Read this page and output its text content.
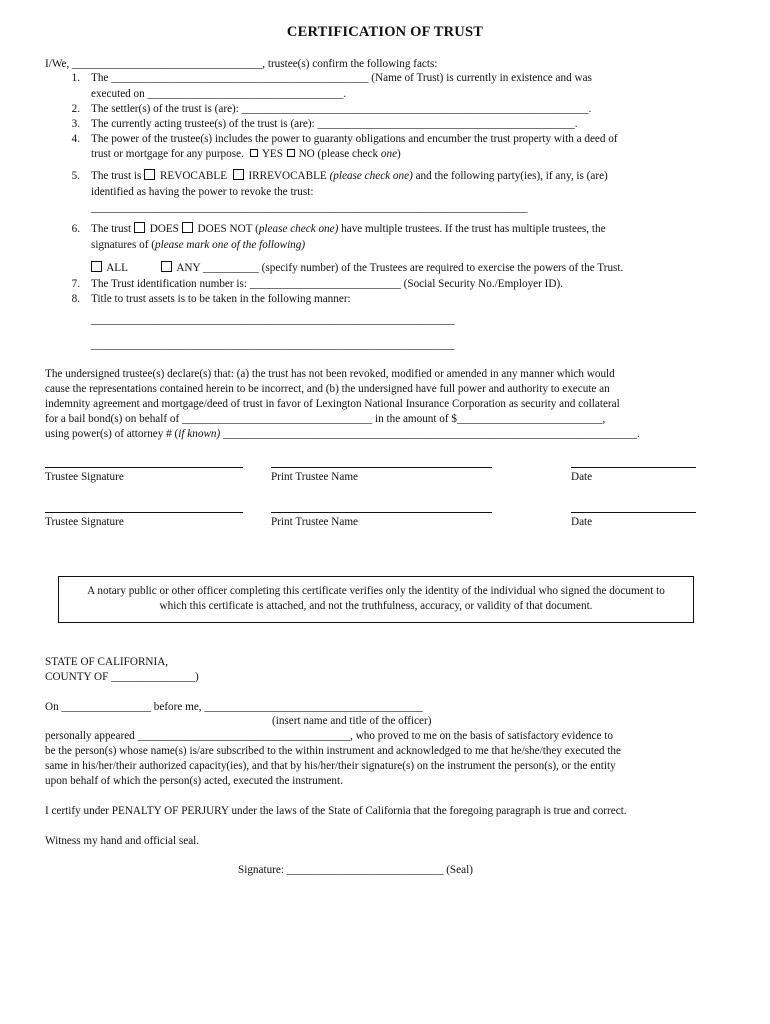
CERTIFICATION OF TRUST
I/We, __________________________________, trustee(s) confirm the following facts:
1. The ______________________________________________ (Name of Trust) is currently in existence and was
executed on ___________________________________.
2. The settler(s) of the trust is (are): ______________________________________________________________.
3. The currently acting trustee(s) of the trust is (are): ______________________________________________.
4. The power of the trustee(s) includes the power to guaranty obligations and encumber the trust property with a deed of
trust or mortgage for any purpose. YES NO (please check one)
5. The trust is REVOCABLE IRREVOCABLE (please check one) and the following party(ies), if any, is (are)
identified as having the power to revoke the trust:
______________________________________________________________________________
6. The trust DOES DOES NOT (please check one) have multiple trustees. If the trust has multiple trustees, the
signatures of (please mark one of the following)
ALL	ANY __________ (specify number) of the Trustees are required to exercise the powers of the Trust.
7. The Trust identification number is: ___________________________ (Social Security No./Employer ID).
8. Title to trust assets is to be taken in the following manner:
_________________________________________________________________
_________________________________________________________________
The undersigned trustee(s) declare(s) that: (a) the trust has not been revoked, modified or amended in any manner which would
cause the representations contained herein to be incorrect, and (b) the undersigned have full power and authority to execute an
indemnity agreement and mortgage/deed of trust in favor of Lexington National Insurance Corporation as security and collateral
for a bail bond(s) on behalf of __________________________________ in the amount of $__________________________,
using power(s) of attorney # (if known) __________________________________________________________________________.
Trustee Signature	Print Trustee Name	Date
Trustee Signature	Print Trustee Name	Date
A notary public or other officer completing this certificate verifies only the identity of the individual who signed the document to which this certificate is attached, and not the truthfulness, accuracy, or validity of that document.
STATE OF CALIFORNIA,
COUNTY OF _______________)
On ________________ before me, _______________________________________
(insert name and title of the officer)
personally appeared ______________________________________, who proved to me on the basis of satisfactory evidence to
be the person(s) whose name(s) is/are subscribed to the within instrument and acknowledged to me that he/she/they executed the
same in his/her/their authorized capacity(ies), and that by his/her/their signature(s) on the instrument the person(s), or the entity
upon behalf of which the person(s) acted, executed the instrument.
I certify under PENALTY OF PERJURY under the laws of the State of California that the foregoing paragraph is true and correct.
Witness my hand and official seal.
Signature: ____________________________ (Seal)
